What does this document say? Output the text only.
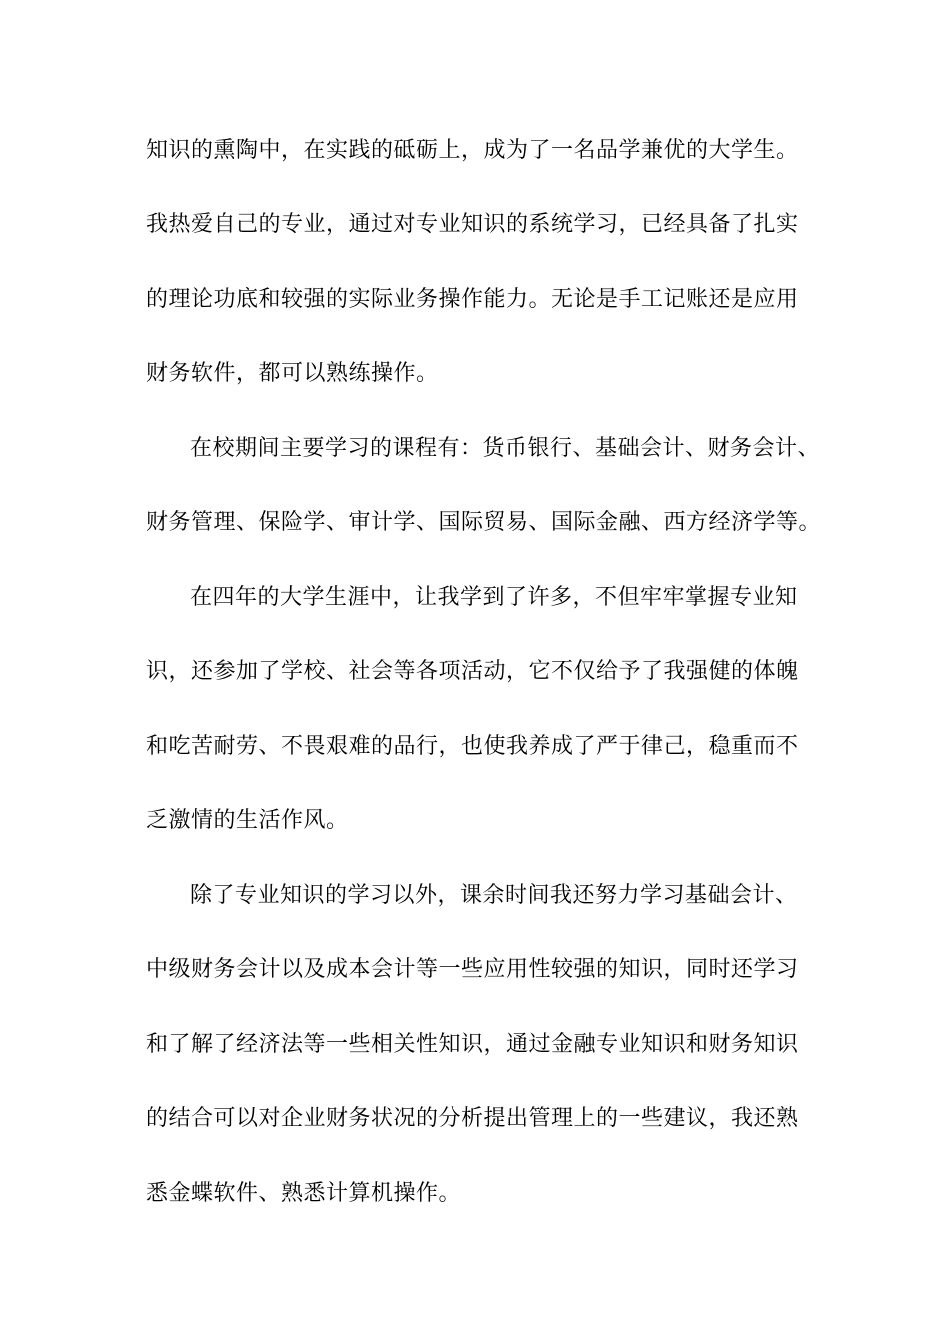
知识的熏陶中，在实践的砥砺上，成为了一名品学兼优的大学生。
我热爱自己的专业，通过对专业知识的系统学习，已经具备了扎实
的理论功底和较强的实际业务操作能力。无论是手工记账还是应用
财务软件，都可以熟练操作。
在校期间主要学习的课程有：货币银行、基础会计、财务会计、
财务管理、保险学、审计学、国际贸易、国际金融、西方经济学等。
在四年的大学生涯中，让我学到了许多，不但牢牢掌握专业知
识，还参加了学校、社会等各项活动，它不仅给予了我强健的体魄
和吃苦耐劳、不畏艰难的品行，也使我养成了严于律己，稳重而不
乏激情的生活作风。
除了专业知识的学习以外，课余时间我还努力学习基础会计、
中级财务会计以及成本会计等一些应用性较强的知识，同时还学习
和了解了经济法等一些相关性知识，通过金融专业知识和财务知识
的结合可以对企业财务状况的分析提出管理上的一些建议，我还熟
悉金蝶软件、熟悉计算机操作。
